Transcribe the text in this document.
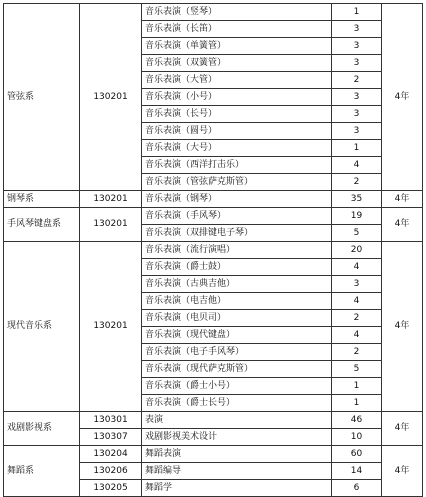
管弦系	130201	音乐表演（竖琴）	1	4年
		音乐表演（长笛）	3	
		音乐表演（单簧管）	3	
		音乐表演（双簧管）	3	
		音乐表演（大管）	2	
		音乐表演（小号）	3	
		音乐表演（长号）	3	
		音乐表演（圆号）	3	
		音乐表演（大号）	1	
		音乐表演（西洋打击乐）	4	
		音乐表演（管弦萨克斯管）	2	
钢琴系	130201	音乐表演（钢琴）	35	4年
手风琴键盘系	130201	音乐表演（手风琴）	19	4年
		音乐表演（双排键电子琴）	5	
现代音乐系	130201	音乐表演（流行演唱）	20	4年
		音乐表演（爵士鼓）	4	
		音乐表演（古典吉他）	3	
		音乐表演（电吉他）	4	
		音乐表演（电贝司）	2	
		音乐表演（现代键盘）	4	
		音乐表演（电子手风琴）	2	
		音乐表演（现代萨克斯管）	5	
		音乐表演（爵士小号）	1	
		音乐表演（爵士长号）	1	
戏剧影视系	130301	表演	46	4年
	130307	戏剧影视美术设计	10	
舞蹈系	130204	舞蹈表演	60	4年
	130206	舞蹈编导	14	
	130205	舞蹈学	6	
